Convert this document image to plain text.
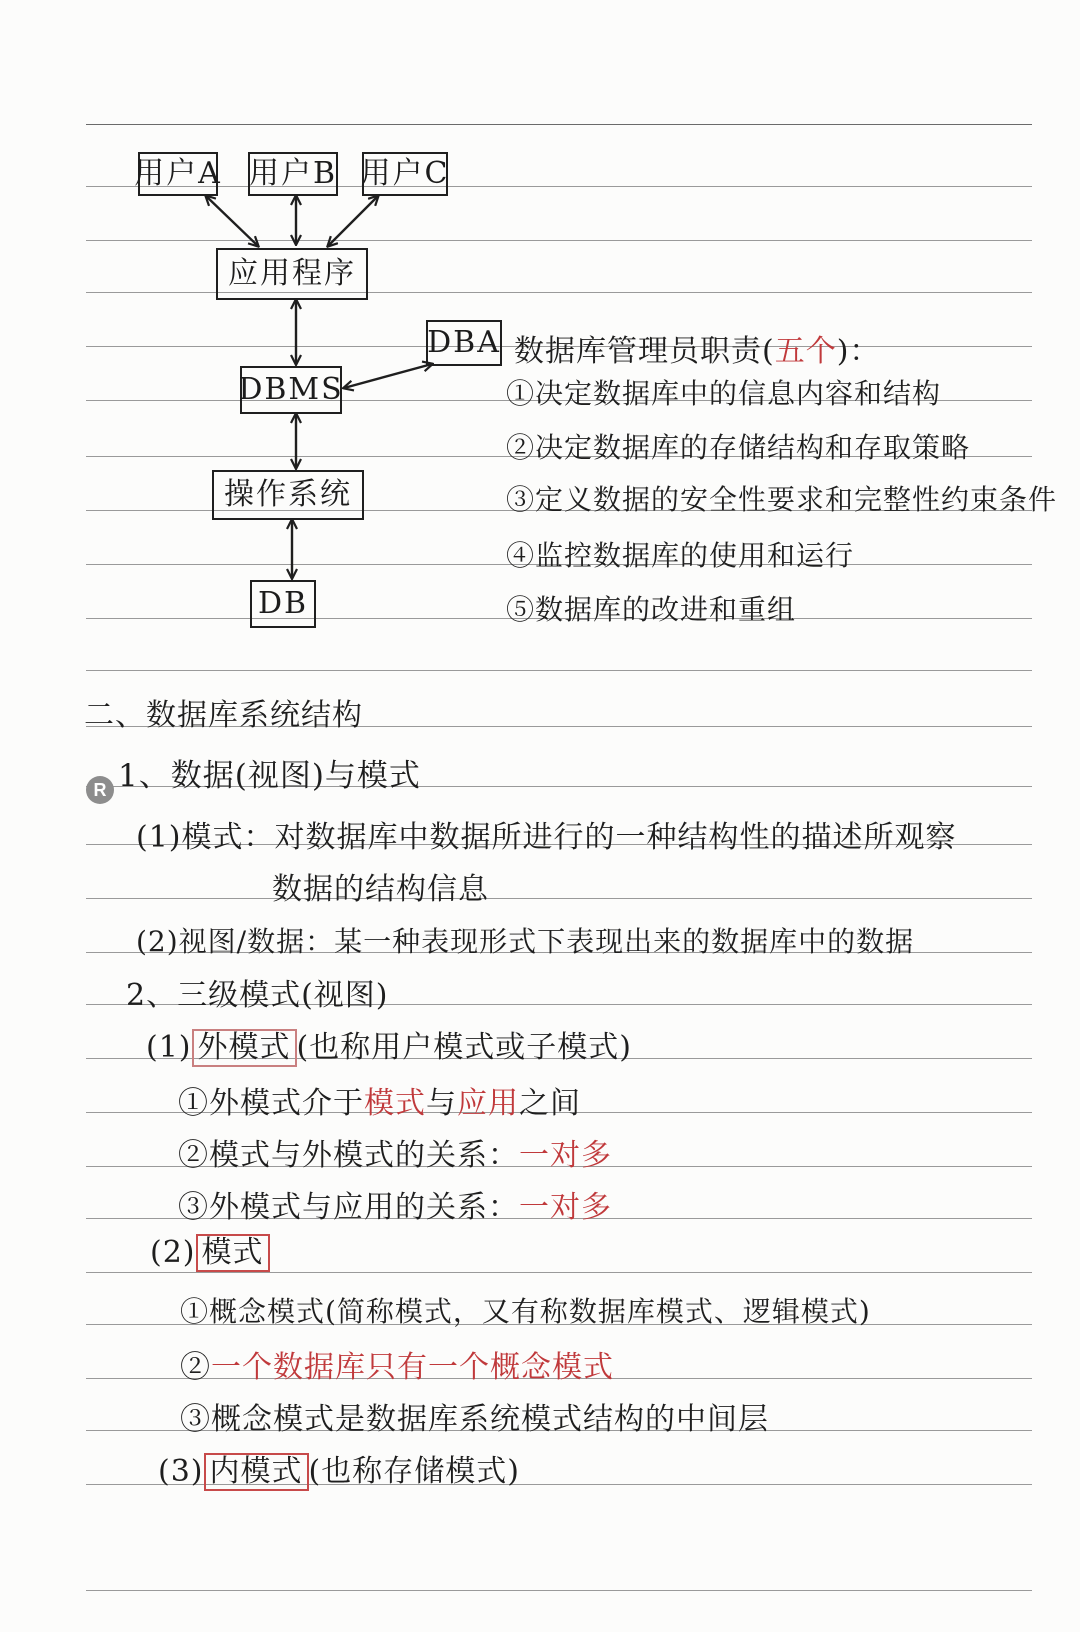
用户A 用户B 用户C
应用程序
DBA
DBMS
操作系统
DB
数据库管理员职责(五个)：
①决定数据库中的信息内容和结构
②决定数据库的存储结构和存取策略
③定义数据的安全性要求和完整性约束条件
④监控数据库的使用和运行
⑤数据库的改进和重组
二、数据库系统结构
R 1、数据(视图)与模式
(1)模式：对数据库中数据所进行的一种结构性的描述所观察
数据的结构信息
(2)视图/数据：某一种表现形式下表现出来的数据库中的数据
2、三级模式(视图)
(1) 外模式 (也称用户模式或子模式)
①外模式介于模式与应用之间
②模式与外模式的关系：一对多
③外模式与应用的关系：一对多
(2) 模式
①概念模式(简称模式，又有称数据库模式、逻辑模式)
②一个数据库只有一个概念模式
③概念模式是数据库系统模式结构的中间层
(3) 内模式 (也称存储模式)
